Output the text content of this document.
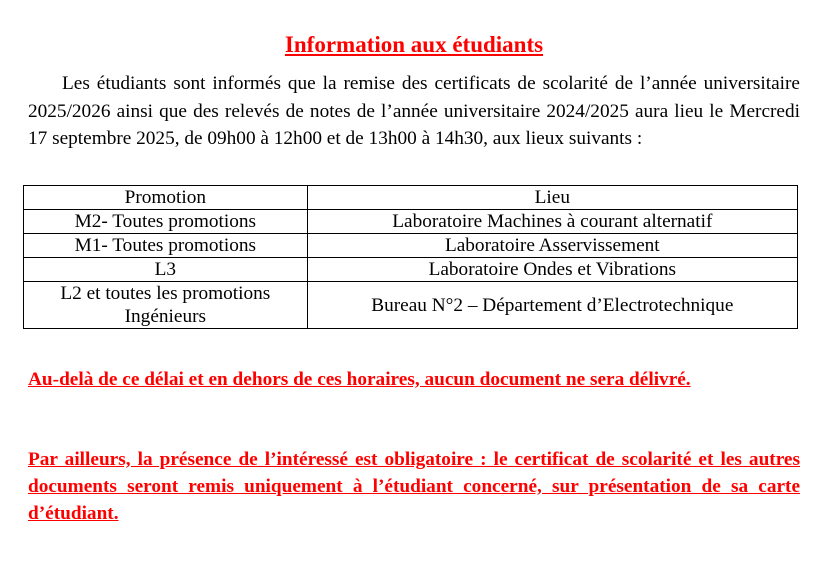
Information aux étudiants

Les étudiants sont informés que la remise des certificats de scolarité de l’année universitaire 2025/2026 ainsi que des relevés de notes de l’année universitaire 2024/2025 aura lieu le Mercredi 17 septembre 2025, de 09h00 à 12h00 et de 13h00 à 14h30, aux lieux suivants :

Promotion	Lieu
M2- Toutes promotions	Laboratoire Machines à courant alternatif
M1- Toutes promotions	Laboratoire Asservissement
L3	Laboratoire Ondes et Vibrations
L2 et toutes les promotions Ingénieurs	Bureau N°2 – Département d’Electrotechnique

Au-delà de ce délai et en dehors de ces horaires, aucun document ne sera délivré.

Par ailleurs, la présence de l’intéressé est obligatoire : le certificat de scolarité et les autres documents seront remis uniquement à l’étudiant concerné, sur présentation de sa carte d’étudiant.
